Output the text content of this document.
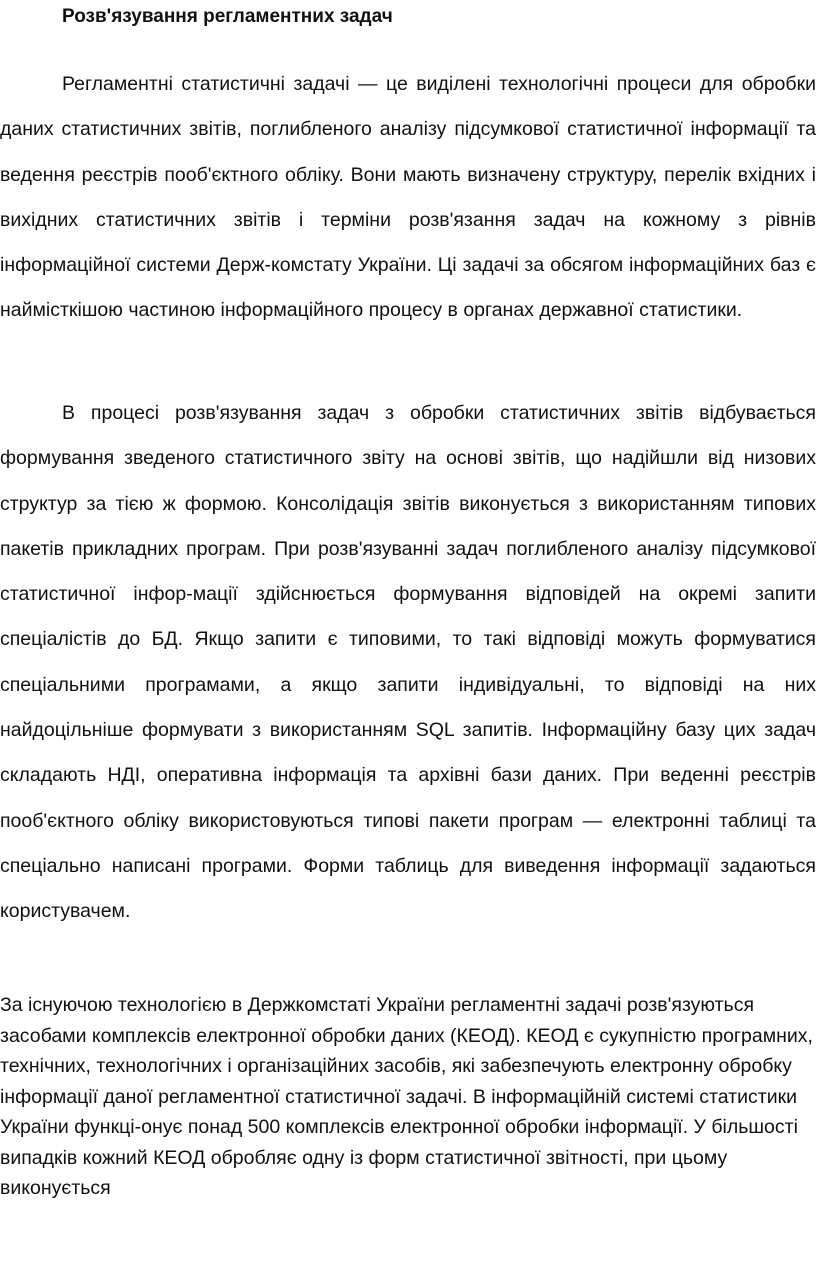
Розв'язування регламентних задач

Регламентні статистичні задачі — це виділені технологічні процеси для обробки даних статистичних звітів, поглибленого аналізу підсумкової статистичної інформації та ведення реєстрів пооб'єктного обліку. Вони мають визначену структуру, перелік вхідних і вихідних статистичних звітів і терміни розв'язання задач на кожному з рівнів інформаційної системи Держ-комстату України. Ці задачі за обсягом інформаційних баз є наймісткішою частиною інформаційного процесу в органах державної статистики.

В процесі розв'язування задач з обробки статистичних звітів відбувається формування зведеного статистичного звіту на основі звітів, що надійшли від низових структур за тією ж формою. Консолідація звітів виконується з використанням типових пакетів прикладних програм. При розв'язуванні задач поглибленого аналізу підсумкової статистичної інфор-мації здійснюється формування відповідей на окремі запити спеціалістів до БД. Якщо запити є типовими, то такі відповіді можуть формуватися спеціальними програмами, а якщо запити індивідуальні, то відповіді на них найдоцільніше формувати з використанням SQL запитів. Інформаційну базу цих задач складають НДІ, оперативна інформація та архівні бази даних. При веденні реєстрів пооб'єктного обліку використовуються типові пакети програм — електронні таблиці та спеціально написані програми. Форми таблиць для виведення інформації задаються користувачем.

За існуючою технологією в Держкомстаті України регламентні задачі розв'язуються засобами комплексів електронної обробки даних (КЕОД). КЕОД є сукупністю програмних, технічних, технологічних і організаційних засобів, які забезпечують електронну обробку інформації даної регламентної статистичної задачі. В інформаційній системі статистики України функці-онує понад 500 комплексів електронної обробки інформації. У більшості випадків кожний КЕОД обробляє одну із форм статистичної звітності, при цьому виконується
